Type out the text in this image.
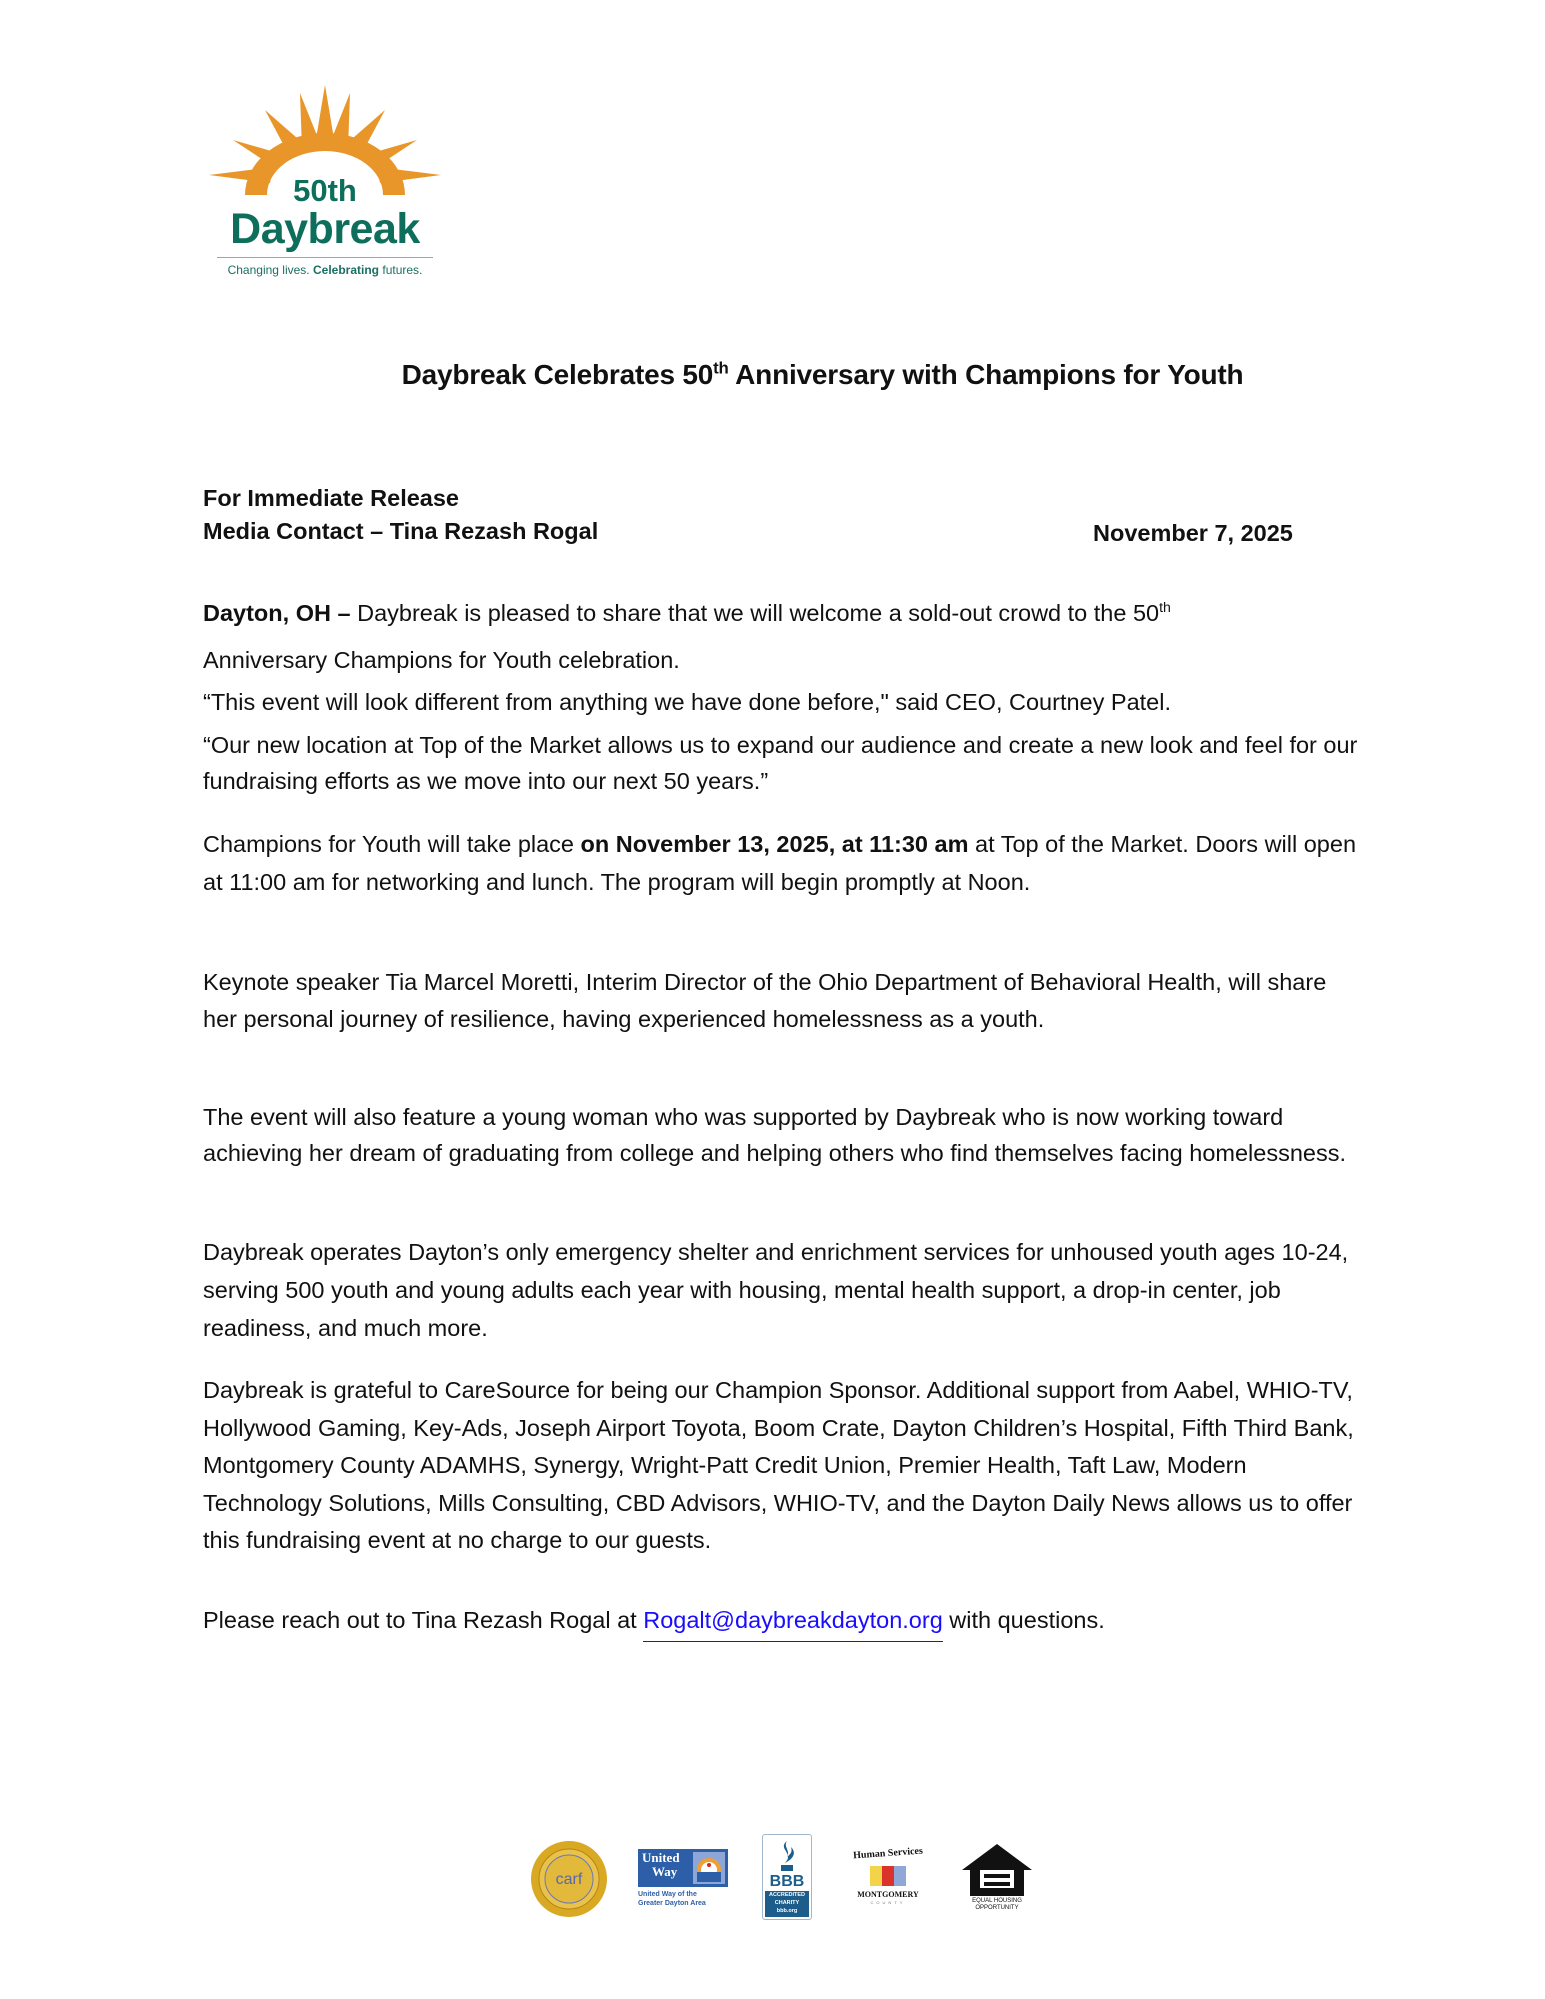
50th
Daybreak
Changing lives. Celebrating futures.
Daybreak Celebrates 50th Anniversary with Champions for Youth
For Immediate Release
Media Contact – Tina Rezash Rogal	November 7, 2025
Dayton, OH – Daybreak is pleased to share that we will welcome a sold-out crowd to the 50th
Anniversary Champions for Youth celebration.
“This event will look different from anything we have done before," said CEO, Courtney Patel.
“Our new location at Top of the Market allows us to expand our audience and create a new look and feel for our fundraising efforts as we move into our next 50 years.”
Champions for Youth will take place on November 13, 2025, at 11:30 am at Top of the Market. Doors will open at 11:00 am for networking and lunch. The program will begin promptly at Noon.
Keynote speaker Tia Marcel Moretti, Interim Director of the Ohio Department of Behavioral Health, will share her personal journey of resilience, having experienced homelessness as a youth.
The event will also feature a young woman who was supported by Daybreak who is now working toward achieving her dream of graduating from college and helping others who find themselves facing homelessness.
Daybreak operates Dayton’s only emergency shelter and enrichment services for unhoused youth ages 10-24, serving 500 youth and young adults each year with housing, mental health support, a drop-in center, job readiness, and much more.
Daybreak is grateful to CareSource for being our Champion Sponsor. Additional support from Aabel, WHIO-TV, Hollywood Gaming, Key-Ads, Joseph Airport Toyota, Boom Crate, Dayton Children’s Hospital, Fifth Third Bank, Montgomery County ADAMHS, Synergy, Wright-Patt Credit Union, Premier Health, Taft Law, Modern Technology Solutions, Mills Consulting, CBD Advisors, WHIO-TV, and the Dayton Daily News allows us to offer this fundraising event at no charge to our guests.
Please reach out to Tina Rezash Rogal at Rogalt@daybreakdayton.org with questions.
carf
United
Way
United Way of the
Greater Dayton Area
BBB
ACCREDITED
CHARITY
bbb.org
Human Services
MONTGOMERY
COUNTY	EQUAL HOUSING
OPPORTUNITY
